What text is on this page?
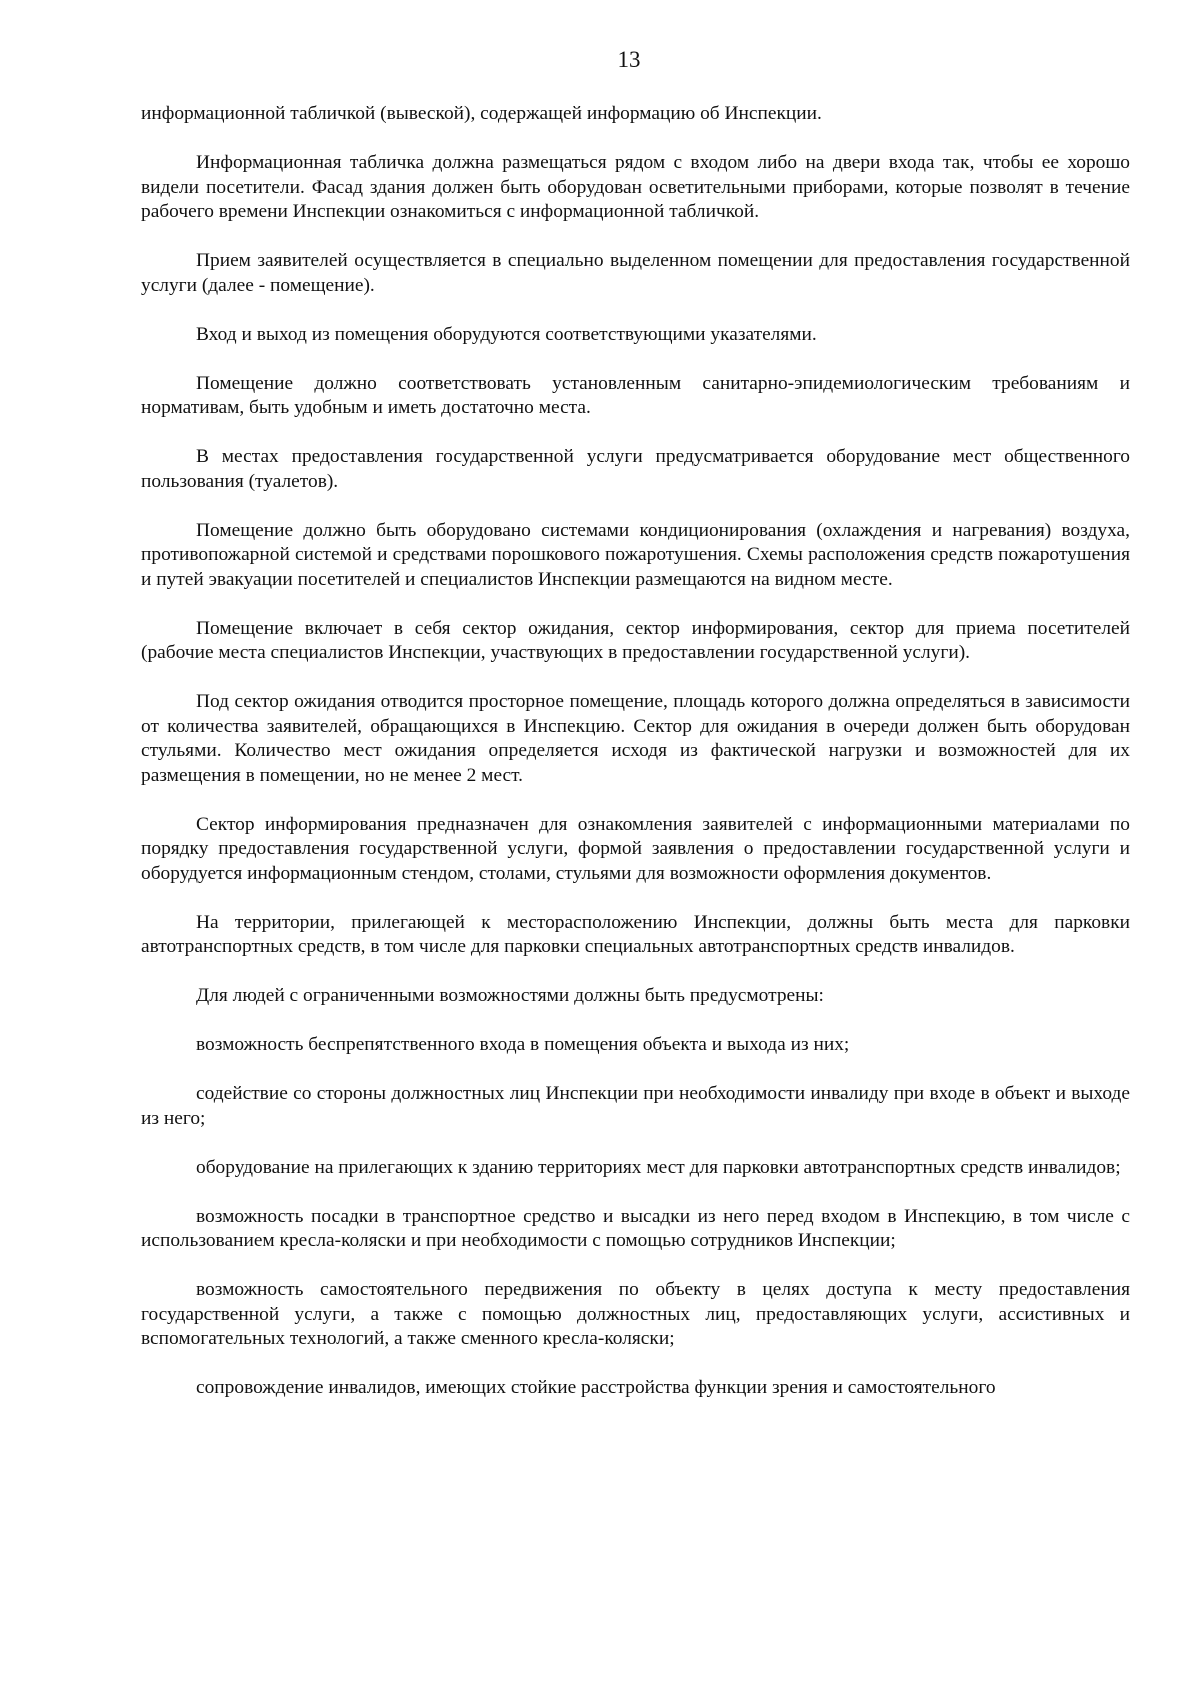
13

информационной табличкой (вывеской), содержащей информацию об Инспекции.

Информационная табличка должна размещаться рядом с входом либо на двери входа так, чтобы ее хорошо видели посетители. Фасад здания должен быть оборудован осветительными приборами, которые позволят в течение рабочего времени Инспекции ознакомиться с информационной табличкой.

Прием заявителей осуществляется в специально выделенном помещении для предоставления государственной услуги (далее - помещение).

Вход и выход из помещения оборудуются соответствующими указателями.

Помещение должно соответствовать установленным санитарно-эпидемиологическим требованиям и нормативам, быть удобным и иметь достаточно места.

В местах предоставления государственной услуги предусматривается оборудование мест общественного пользования (туалетов).

Помещение должно быть оборудовано системами кондиционирования (охлаждения и нагревания) воздуха, противопожарной системой и средствами порошкового пожаротушения. Схемы расположения средств пожаротушения и путей эвакуации посетителей и специалистов Инспекции размещаются на видном месте.

Помещение включает в себя сектор ожидания, сектор информирования, сектор для приема посетителей (рабочие места специалистов Инспекции, участвующих в предоставлении государственной услуги).

Под сектор ожидания отводится просторное помещение, площадь которого должна определяться в зависимости от количества заявителей, обращающихся в Инспекцию. Сектор для ожидания в очереди должен быть оборудован стульями. Количество мест ожидания определяется исходя из фактической нагрузки и возможностей для их размещения в помещении, но не менее 2 мест.

Сектор информирования предназначен для ознакомления заявителей с информационными материалами по порядку предоставления государственной услуги, формой заявления о предоставлении государственной услуги и оборудуется информационным стендом, столами, стульями для возможности оформления документов.

На территории, прилегающей к месторасположению Инспекции, должны быть места для парковки автотранспортных средств, в том числе для парковки специальных автотранспортных средств инвалидов.

Для людей с ограниченными возможностями должны быть предусмотрены:

возможность беспрепятственного входа в помещения объекта и выхода из них;

содействие со стороны должностных лиц Инспекции при необходимости инвалиду при входе в объект и выходе из него;

оборудование на прилегающих к зданию территориях мест для парковки автотранспортных средств инвалидов;

возможность посадки в транспортное средство и высадки из него перед входом в Инспекцию, в том числе с использованием кресла-коляски и при необходимости с помощью сотрудников Инспекции;

возможность самостоятельного передвижения по объекту в целях доступа к месту предоставления государственной услуги, а также с помощью должностных лиц, предоставляющих услуги, ассистивных и вспомогательных технологий, а также сменного кресла-коляски;

сопровождение инвалидов, имеющих стойкие расстройства функции зрения и самостоятельного
